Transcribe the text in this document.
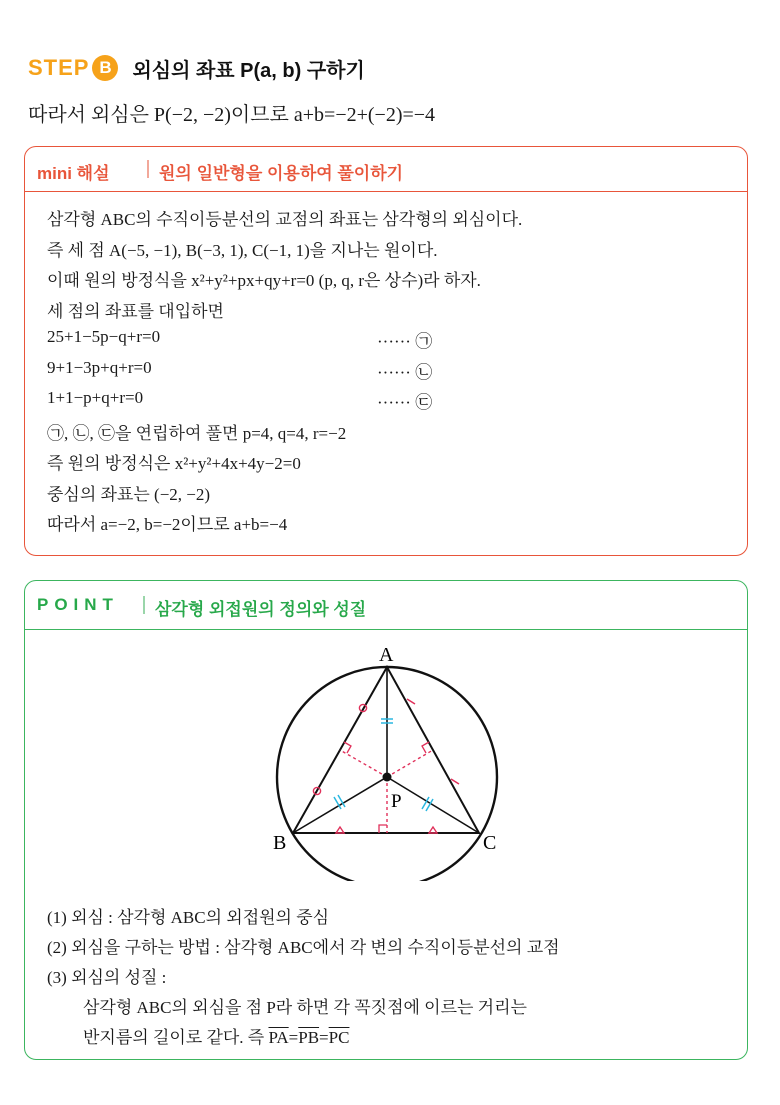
STEP B	외심의 좌표 P(a, b) 구하기
따라서 외심은 P(−2, −2)이므로 a+b=−2+(−2)=−4
mini 해설	원의 일반형을 이용하여 풀이하기
삼각형 ABC의 수직이등분선의 교점의 좌표는 삼각형의 외심이다.
즉 세 점 A(−5, −1), B(−3, 1), C(−1, 1)을 지나는 원이다.
이때 원의 방정식을 x²+y²+px+qy+r=0 (p, q, r은 상수)라 하자.
세 점의 좌표를 대입하면
25+1−5p−q+r=0	······ ㉠
9+1−3p+q+r=0	······ ㉡
1+1−p+q+r=0	······ ㉢
㉠, ㉡, ㉢을 연립하여 풀면 p=4, q=4, r=−2
즉 원의 방정식은 x²+y²+4x+4y−2=0
중심의 좌표는 (−2, −2)
따라서 a=−2, b=−2이므로 a+b=−4
POINT 삼각형 외접원의 정의와 성질
A
B	C
P
(1) 외심 : 삼각형 ABC의 외접원의 중심
(2) 외심을 구하는 방법 : 삼각형 ABC에서 각 변의 수직이등분선의 교점
(3) 외심의 성질 :
삼각형 ABC의 외심을 점 P라 하면 각 꼭짓점에 이르는 거리는
반지름의 길이로 같다. 즉 $\overline{PA}=\overline{PB}=\overline{PC}$
